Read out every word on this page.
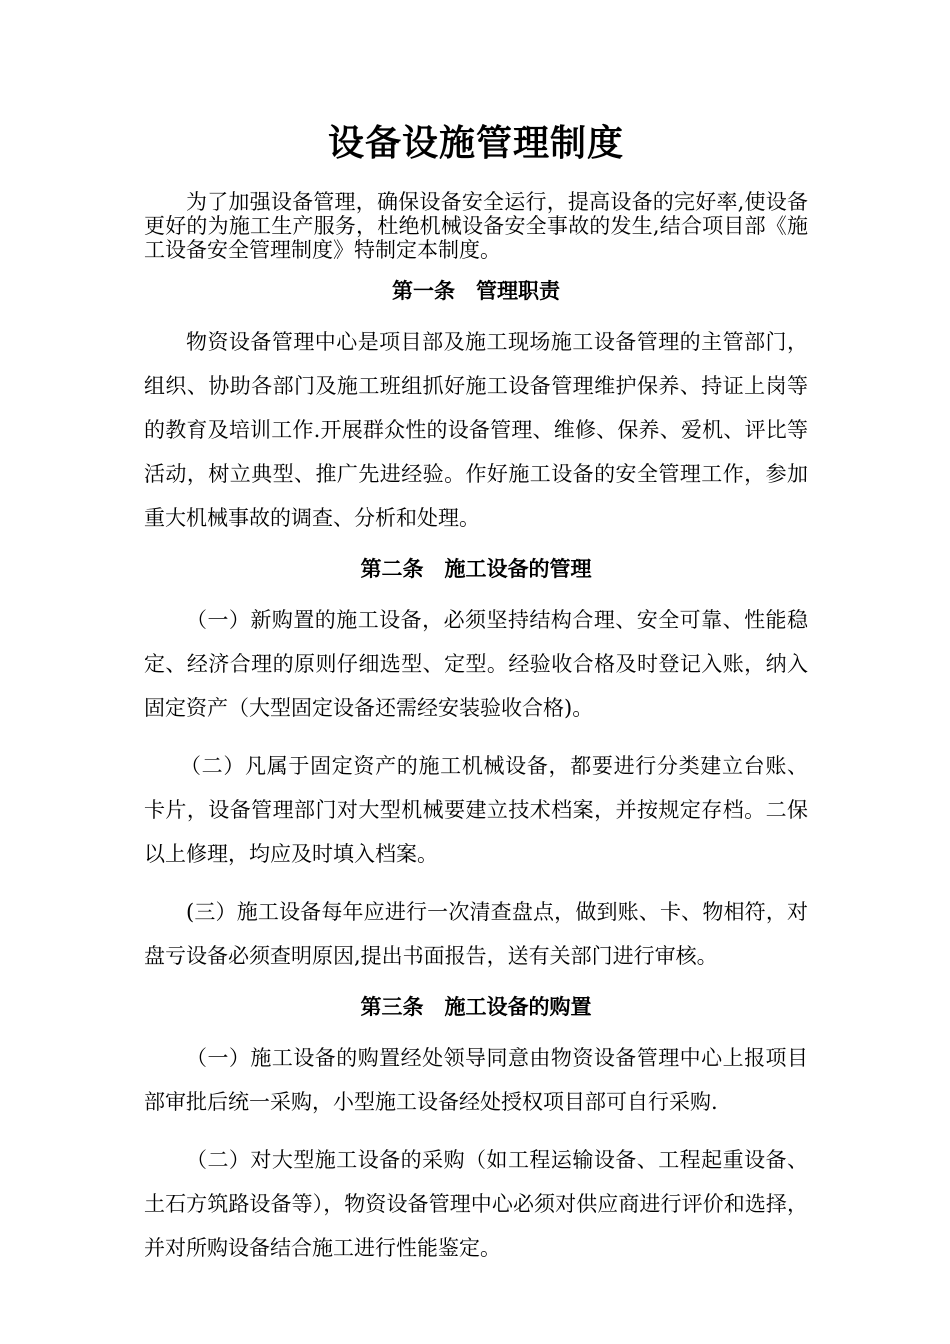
设备设施管理制度

为了加强设备管理，确保设备安全运行，提高设备的完好率,使设备更好的为施工生产服务，杜绝机械设备安全事故的发生,结合项目部《施工设备安全管理制度》特制定本制度。

第一条　管理职责

物资设备管理中心是项目部及施工现场施工设备管理的主管部门，组织、协助各部门及施工班组抓好施工设备管理维护保养、持证上岗等的教育及培训工作.开展群众性的设备管理、维修、保养、爱机、评比等活动，树立典型、推广先进经验。作好施工设备的安全管理工作，参加重大机械事故的调查、分析和处理。

第二条　施工设备的管理

（一）新购置的施工设备，必须坚持结构合理、安全可靠、性能稳定、经济合理的原则仔细选型、定型。经验收合格及时登记入账，纳入固定资产（大型固定设备还需经安装验收合格)。

（二）凡属于固定资产的施工机械设备，都要进行分类建立台账、卡片，设备管理部门对大型机械要建立技术档案，并按规定存档。二保以上修理，均应及时填入档案。

(三）施工设备每年应进行一次清查盘点，做到账、卡、物相符，对盘亏设备必须查明原因,提出书面报告，送有关部门进行审核。

第三条　施工设备的购置

（一）施工设备的购置经处领导同意由物资设备管理中心上报项目部审批后统一采购，小型施工设备经处授权项目部可自行采购.

（二）对大型施工设备的采购（如工程运输设备、工程起重设备、土石方筑路设备等），物资设备管理中心必须对供应商进行评价和选择，并对所购设备结合施工进行性能鉴定。
